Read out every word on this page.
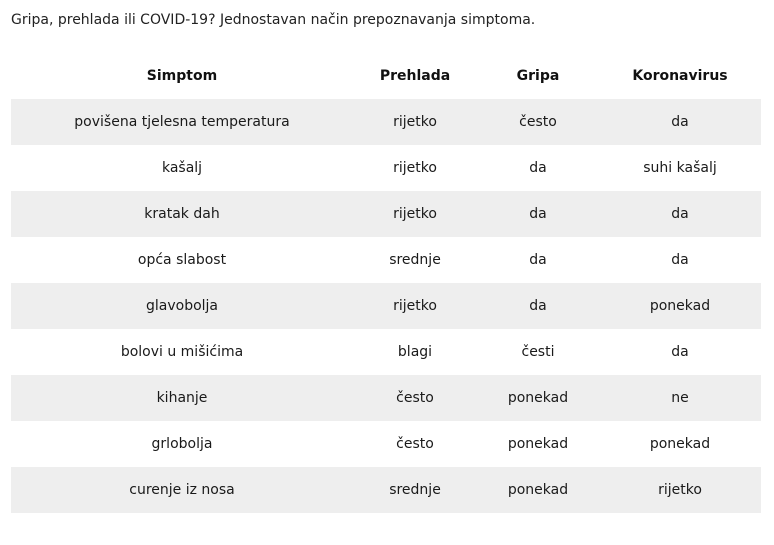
Gripa, prehlada ili COVID-19? Jednostavan način prepoznavanja simptoma.
Simptom	Prehlada	Gripa	Koronavirus
povišena tjelesna temperatura	rijetko	često	da
kašalj	rijetko	da	suhi kašalj
kratak dah	rijetko	da	da
opća slabost	srednje	da	da
glavobolja	rijetko	da	ponekad
bolovi u mišićima	blagi	česti	da
kihanje	često	ponekad	ne
grlobolja	često	ponekad	ponekad
curenje iz nosa	srednje	ponekad	rijetko
